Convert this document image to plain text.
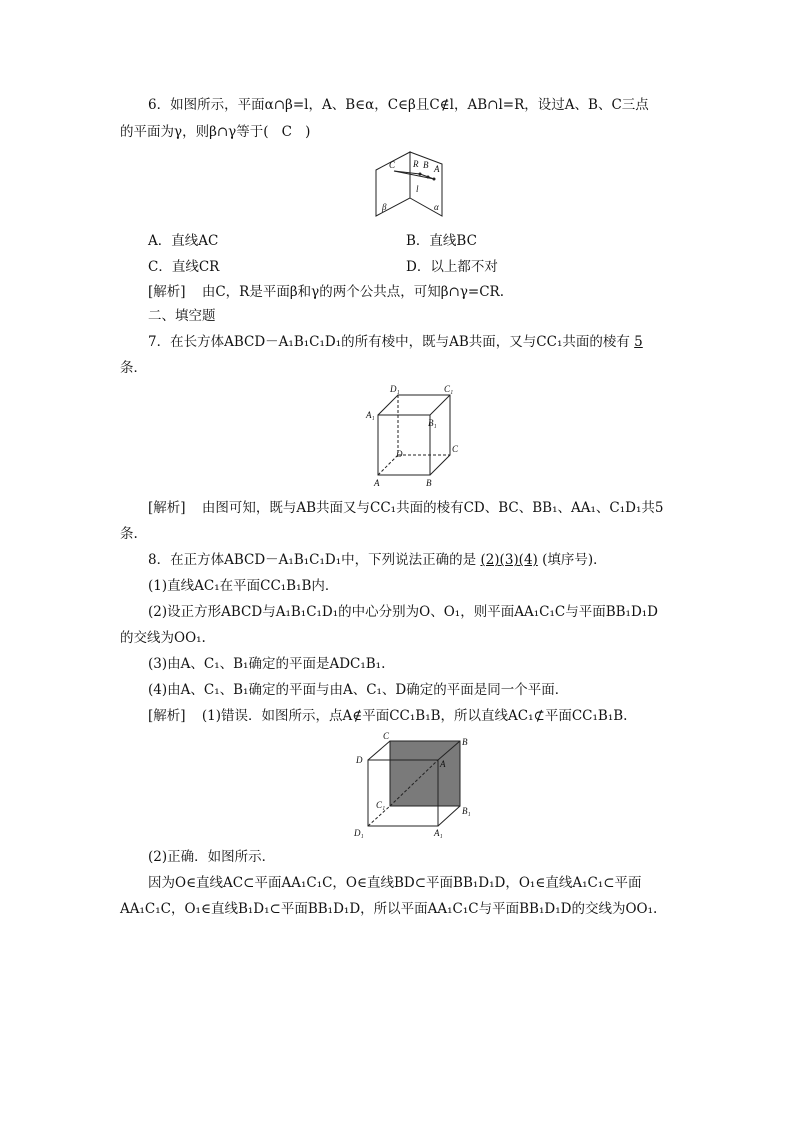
6．如图所示，平面α∩β=l，A、B∈α，C∈β且C∉l，AB∩l=R，设过A、B、C三点
的平面为γ，则β∩γ等于( C )
C R B A
l
β	α
A．直线AC	B．直线BC
C．直线CR	D．以上都不对
[解析] 由C，R是平面β和γ的两个公共点，可知β∩γ=CR.
二、填空题
7．在长方体ABCD－A₁B₁C₁D₁的所有棱中，既与AB共面，又与CC₁共面的棱有 5
条．
D₁	C₁
A₁
B₁
C
D
A	B
[解析] 由图可知，既与AB共面又与CC₁共面的棱有CD、BC、BB₁、AA₁、C₁D₁共5
条.
8．在正方体ABCD－A₁B₁C₁D₁中，下列说法正确的是 (2)(3)(4) (填序号)．
(1)直线AC₁在平面CC₁B₁B内．
(2)设正方形ABCD与A₁B₁C₁D₁的中心分别为O、O₁，则平面AA₁C₁C与平面BB₁D₁D
的交线为OO₁.
(3)由A、C₁、B₁确定的平面是ADC₁B₁.
(4)由A、C₁、B₁确定的平面与由A、C₁、D确定的平面是同一个平面．
[解析] (1)错误．如图所示，点A∉平面CC₁B₁B，所以直线AC₁⊄平面CC₁B₁B.
C
B
D	A
C₁
B₁
D₁	A₁
(2)正确．如图所示．
因为O∈直线AC⊂平面AA₁C₁C，O∈直线BD⊂平面BB₁D₁D，O₁∈直线A₁C₁⊂平面
AA₁C₁C，O₁∈直线B₁D₁⊂平面BB₁D₁D，所以平面AA₁C₁C与平面BB₁D₁D的交线为OO₁.
